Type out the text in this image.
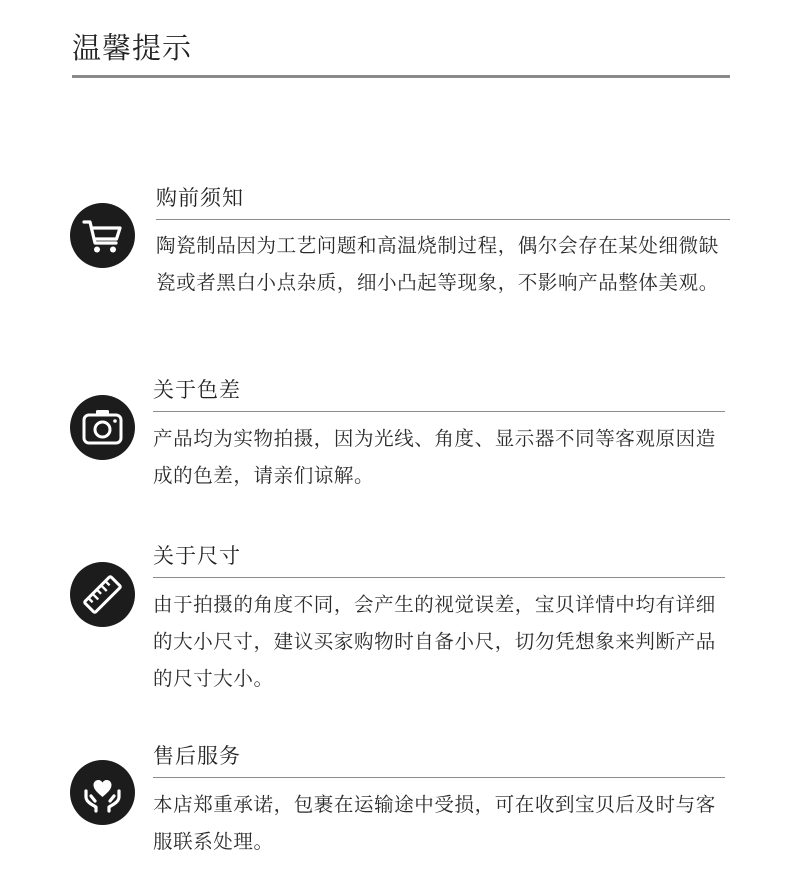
温馨提示
购前须知

陶瓷制品因为工艺问题和高温烧制过程，偶尔会存在某处细微缺瓷或者黑白小点杂质，细小凸起等现象，不影响产品整体美观。

关于色差

产品均为实物拍摄，因为光线、角度、显示器不同等客观原因造成的色差，请亲们谅解。

关于尺寸

由于拍摄的角度不同，会产生的视觉误差，宝贝详情中均有详细的大小尺寸，建议买家购物时自备小尺，切勿凭想象来判断产品的尺寸大小。

售后服务

本店郑重承诺，包裹在运输途中受损，可在收到宝贝后及时与客服联系处理。
